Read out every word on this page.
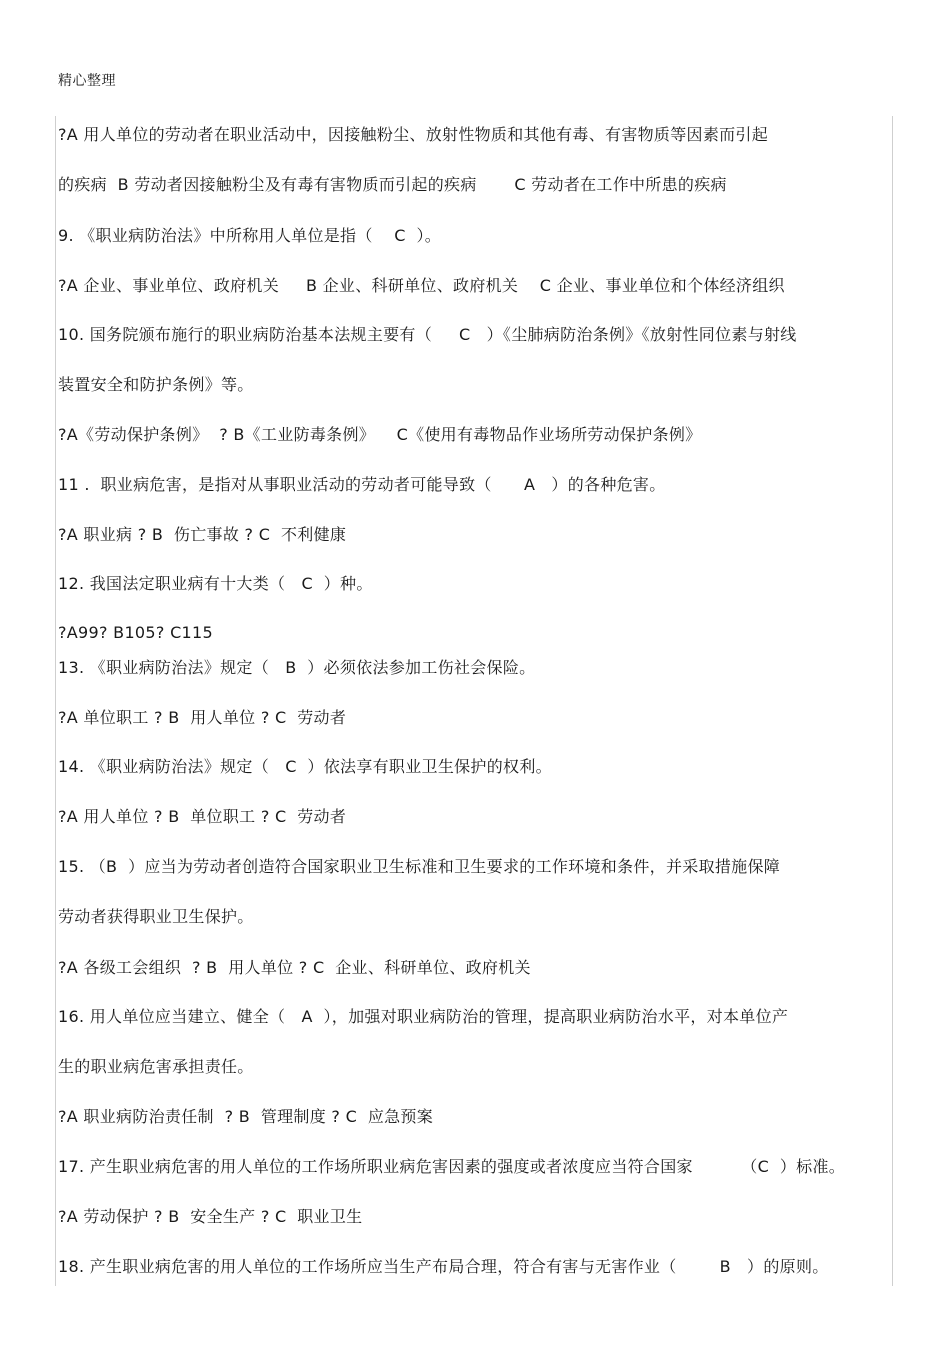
精心整理
?A 用人单位的劳动者在职业活动中，因接触粉尘、放射性物质和其他有毒、有害物质等因素而引起
的疾病  B 劳动者因接触粉尘及有毒有害物质而引起的疾病       C 劳动者在工作中所患的疾病
9. 《职业病防治法》中所称用人单位是指（    C  ）。
?A 企业、事业单位、政府机关     B 企业、科研单位、政府机关    C 企业、事业单位和个体经济组织
10. 国务院颁布施行的职业病防治基本法规主要有（     C   ）《尘肺病防治条例》《放射性同位素与射线
装置安全和防护条例》等。
?A《劳动保护条例》  ? B《工业防毒条例》    C《使用有毒物品作业场所劳动保护条例》
11 .  职业病危害，是指对从事职业活动的劳动者可能导致（      A   ）的各种危害。
?A 职业病 ? B  伤亡事故 ? C  不利健康
12. 我国法定职业病有十大类（   C  ）种。
?A99? B105? C115
13. 《职业病防治法》规定（   B  ）必须依法参加工伤社会保险。
?A 单位职工 ? B  用人单位 ? C  劳动者
14. 《职业病防治法》规定（   C  ）依法享有职业卫生保护的权利。
?A 用人单位 ? B  单位职工 ? C  劳动者
15. （B  ）应当为劳动者创造符合国家职业卫生标准和卫生要求的工作环境和条件，并采取措施保障
劳动者获得职业卫生保护。
?A 各级工会组织  ? B  用人单位 ? C  企业、科研单位、政府机关
16. 用人单位应当建立、健全（   A  ），加强对职业病防治的管理，提高职业病防治水平，对本单位产
生的职业病危害承担责任。
?A 职业病防治责任制  ? B  管理制度 ? C  应急预案
17. 产生职业病危害的用人单位的工作场所职业病危害因素的强度或者浓度应当符合国家         （C  ）标准。
?A 劳动保护 ? B  安全生产 ? C  职业卫生
18. 产生职业病危害的用人单位的工作场所应当生产布局合理，符合有害与无害作业（        B   ）的原则。
